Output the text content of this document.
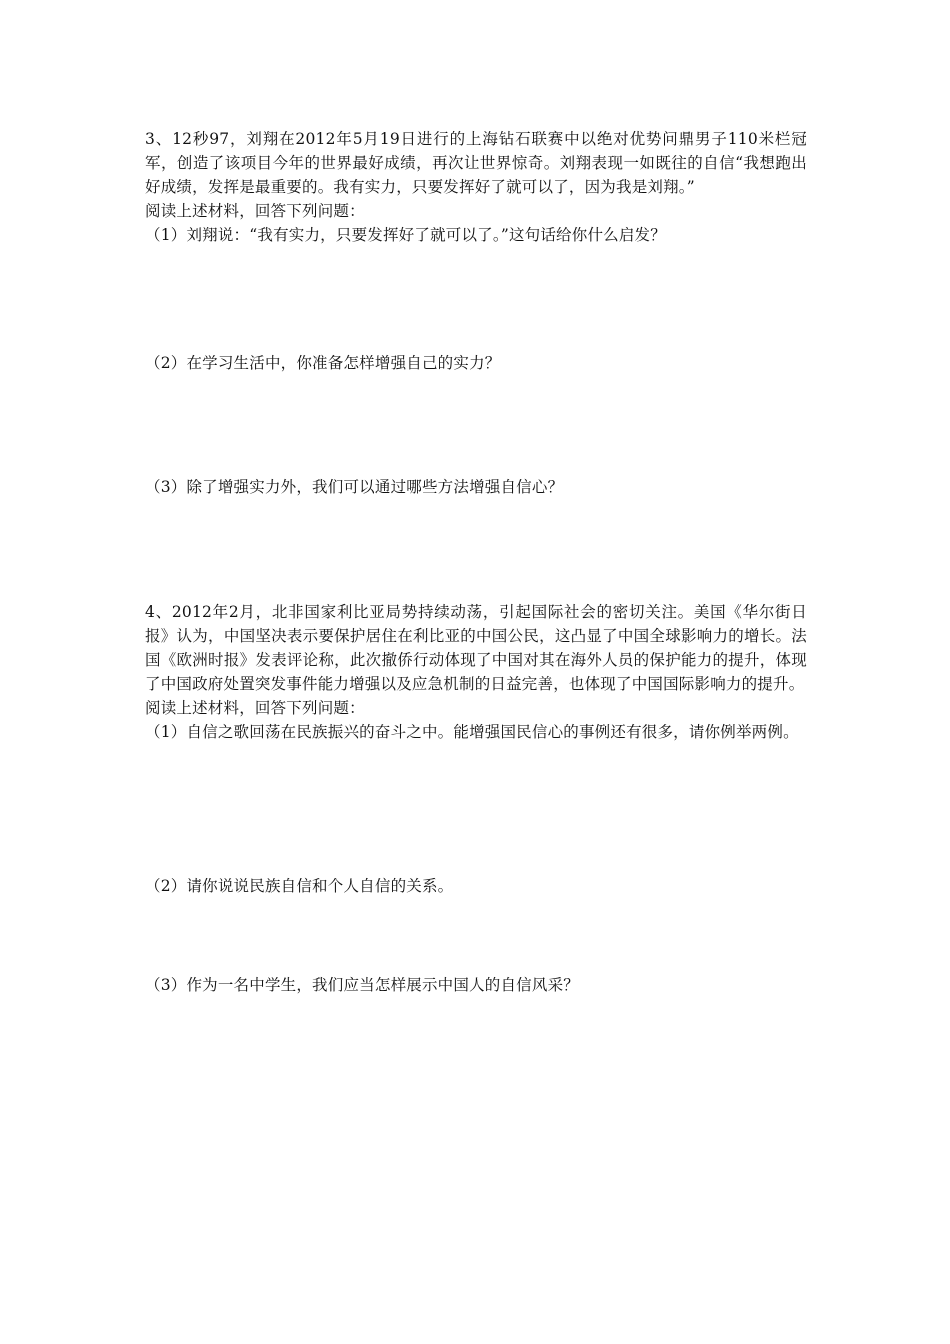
3、12秒97，刘翔在2012年5月19日进行的上海钻石联赛中以绝对优势问鼎男子110米栏冠军，创造了该项目今年的世界最好成绩，再次让世界惊奇。刘翔表现一如既往的自信“我想跑出好成绩，发挥是最重要的。我有实力，只要发挥好了就可以了，因为我是刘翔。”

阅读上述材料，回答下列问题：

（1）刘翔说：“我有实力，只要发挥好了就可以了。”这句话给你什么启发？

（2）在学习生活中，你准备怎样增强自己的实力？

（3）除了增强实力外，我们可以通过哪些方法增强自信心？

4、2012年2月，北非国家利比亚局势持续动荡，引起国际社会的密切关注。美国《华尔街日报》认为，中国坚决表示要保护居住在利比亚的中国公民，这凸显了中国全球影响力的增长。法国《欧洲时报》发表评论称，此次撤侨行动体现了中国对其在海外人员的保护能力的提升，体现了中国政府处置突发事件能力增强以及应急机制的日益完善，也体现了中国国际影响力的提升。

阅读上述材料，回答下列问题：

（1）自信之歌回荡在民族振兴的奋斗之中。能增强国民信心的事例还有很多，请你例举两例。

（2）请你说说民族自信和个人自信的关系。

（3）作为一名中学生，我们应当怎样展示中国人的自信风采？
